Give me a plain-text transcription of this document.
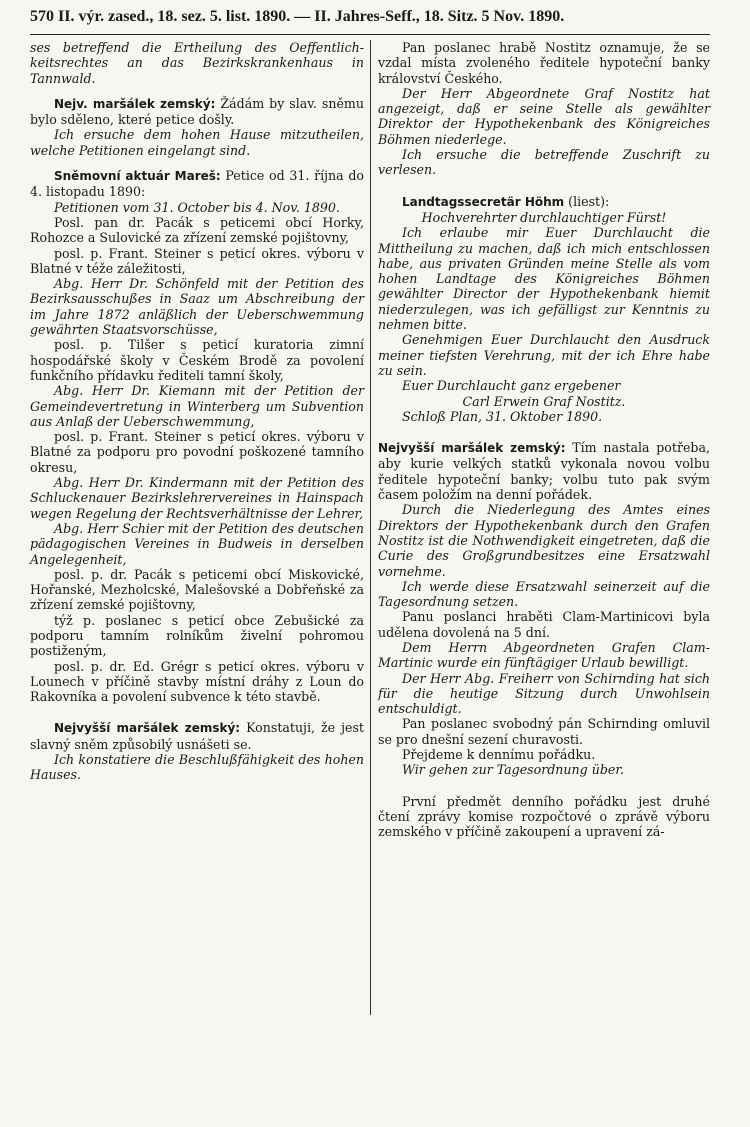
570 II. výr. zased., 18. sez. 5. list. 1890. — II. Jahres-Seff., 18. Sitz. 5 Nov. 1890.

ses betreffend die Ertheilung des Oeffentlich-keitsrechtes an das Bezirkskrankenhaus in Tannwald.

Nejv. maršálek zemský: Žádám by slav. sněmu bylo sděleno, které petice došly.

Ich ersuche dem hohen Hause mitzutheilen, welche Petitionen eingelangt sind.

Sněmovní aktuár Mareš: Petice od 31. října do 4. listopadu 1890:

Petitionen vom 31. October bis 4. Nov. 1890.

Posl. pan dr. Pacák s peticemi obcí Horky, Rohozce a Sulovické za zřízení zemské pojištovny,

posl. p. Frant. Steiner s peticí okres. výboru v Blatné v téže záležitosti,

Abg. Herr Dr. Schönfeld mit der Petition des Bezirksausschußes in Saaz um Abschreibung der im Jahre 1872 anläßlich der Ueberschwemmung gewährten Staatsvorschüsse,

posl. p. Tilšer s peticí kuratoria zimní hospodářské školy v Českém Brodě za povolení funkčního přídavku řediteli tamní školy,

Abg. Herr Dr. Kiemann mit der Petition der Gemeindevertretung in Winterberg um Subvention aus Anlaß der Ueberschwemmung,

posl. p. Frant. Steiner s peticí okres. výboru v Blatné za podporu pro povodní poškozené tamního okresu,

Abg. Herr Dr. Kindermann mit der Petition des Schluckenauer Bezirkslehrervereines in Hainspach wegen Regelung der Rechtsverhältnisse der Lehrer,

Abg. Herr Schier mit der Petition des deutschen pädagogischen Vereines in Budweis in derselben Angelegenheit,

posl. p. dr. Pacák s peticemi obcí Miskovické, Hořanské, Mezholcské, Malešovské a Dobřeňské za zřízení zemské pojištovny,

týž p. poslanec s peticí obce Zebušické za podporu tamním rolníkům živelní pohromou postiženým,

posl. p. dr. Ed. Grégr s peticí okres. výboru v Lounech v příčině stavby místní dráhy z Loun do Rakovníka a povolení subvence k této stavbě.

Nejvyšší maršálek zemský: Konstatuji, že jest slavný sněm způsobilý usnášeti se.

Ich konstatiere die Beschlußfähigkeit des hohen Hauses.

Pan poslanec hrabě Nostitz oznamuje, že se vzdal místa zvoleného ředitele hypoteční banky království Českého.

Der Herr Abgeordnete Graf Nostitz hat angezeigt, daß er seine Stelle als gewählter Direktor der Hypothekenbank des Königreiches Böhmen niederlege.

Ich ersuche die betreffende Zuschrift zu verlesen.

Landtagssecretär Höhm (liest):

Hochverehrter durchlauchtiger Fürst!

Ich erlaube mir Euer Durchlaucht die Mittheilung zu machen, daß ich mich entschlossen habe, aus privaten Gründen meine Stelle als vom hohen Landtage des Königreiches Böhmen gewählter Director der Hypothekenbank hiemit niederzulegen, was ich gefälligst zur Kenntnis zu nehmen bitte.

Genehmigen Euer Durchlaucht den Ausdruck meiner tiefsten Verehrung, mit der ich Ehre habe zu sein.

Euer Durchlaucht ganz ergebener

Carl Erwein Graf Nostitz.

Schloß Plan, 31. Oktober 1890.

Nejvyšší maršálek zemský: Tím nastala potřeba, aby kurie velkých statků vykonala novou volbu ředitele hypoteční banky; volbu tuto pak svým časem položím na denní pořádek.

Durch die Niederlegung des Amtes eines Direktors der Hypothekenbank durch den Grafen Nostitz ist die Nothwendigkeit eingetreten, daß die Curie des Großgrundbesitzes eine Ersatzwahl vornehme.

Ich werde diese Ersatzwahl seinerzeit auf die Tagesordnung setzen.

Panu poslanci hraběti Clam-Martinicovi byla udělena dovolená na 5 dní.

Dem Herrn Abgeordneten Grafen Clam-Martinic wurde ein fünftägiger Urlaub bewilligt.

Der Herr Abg. Freiherr von Schirnding hat sich für die heutige Sitzung durch Unwohlsein entschuldigt.

Pan poslanec svobodný pán Schirnding omluvil se pro dnešní sezení churavosti.

Přejdeme k dennímu pořádku.

Wir gehen zur Tagesordnung über.

První předmět denního pořádku jest druhé čtení zprávy komise rozpočtové o zprávě výboru zemského v příčině zakoupení a upravení zá-
